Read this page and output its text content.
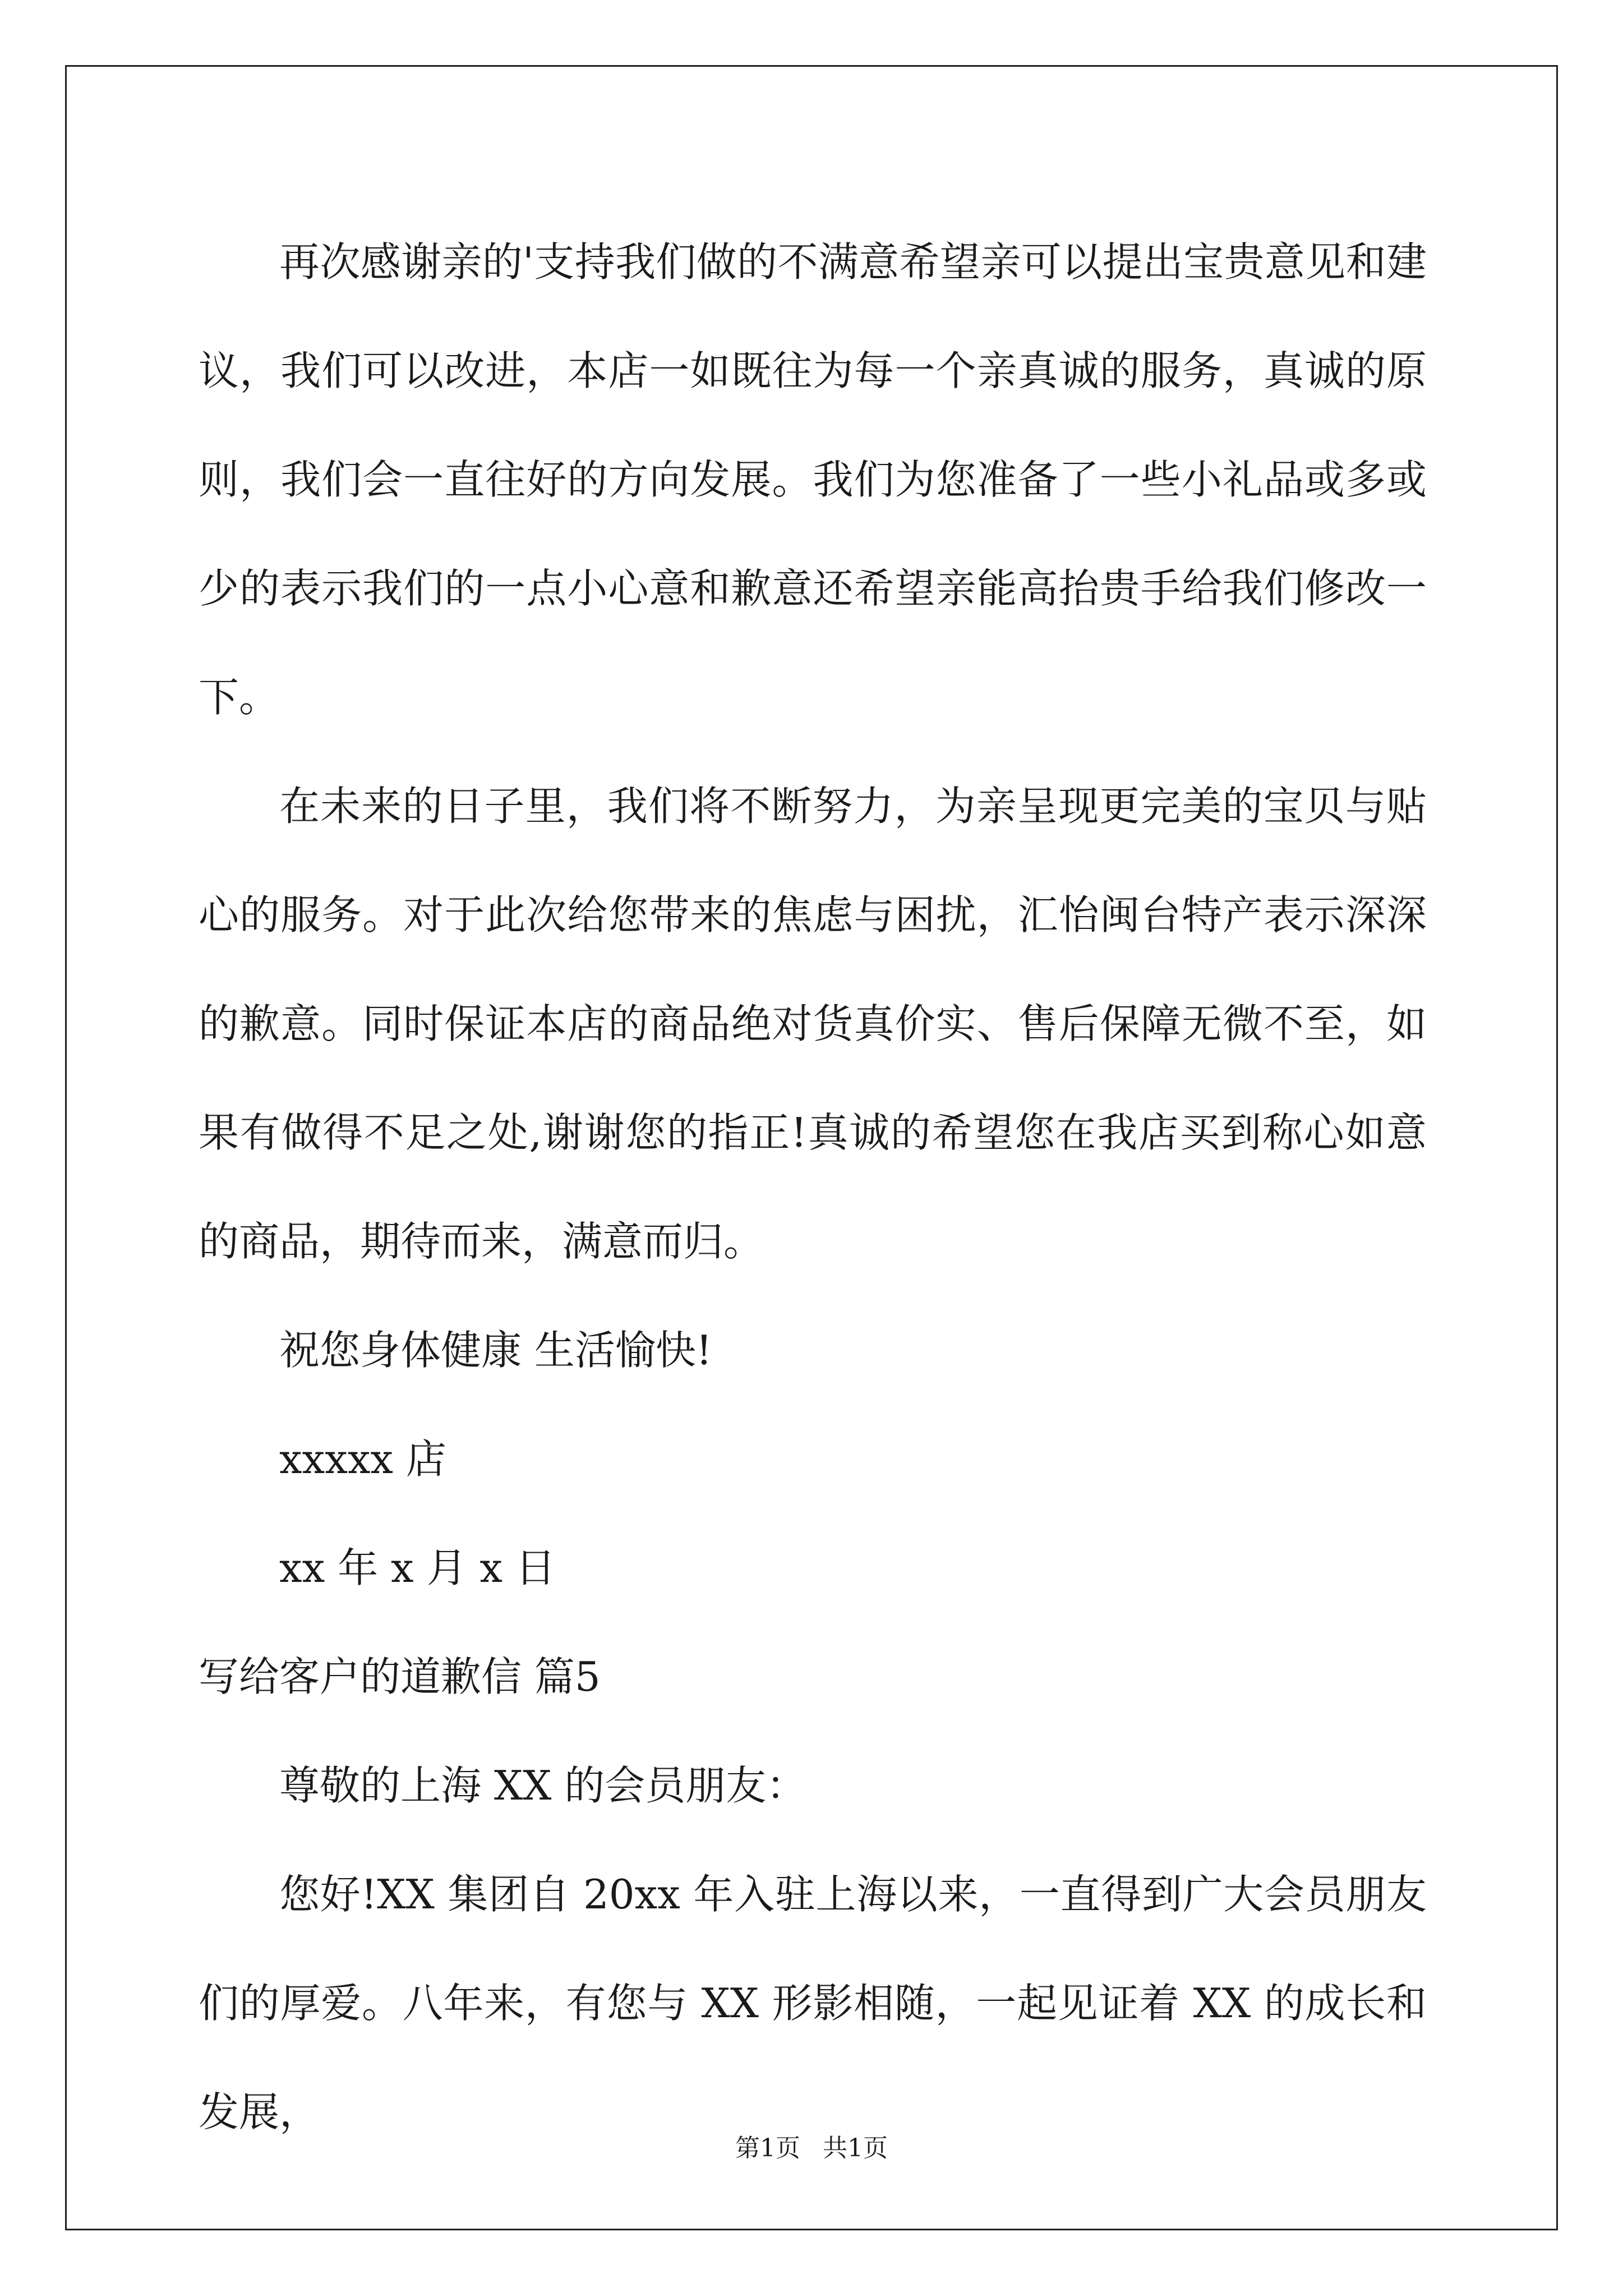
再次感谢亲的'支持我们做的不满意希望亲可以提出宝贵意见和建议，我们可以改进，本店一如既往为每一个亲真诚的服务，真诚的原则，我们会一直往好的方向发展。我们为您准备了一些小礼品或多或少的表示我们的一点小心意和歉意还希望亲能高抬贵手给我们修改一下。

在未来的日子里，我们将不断努力，为亲呈现更完美的宝贝与贴心的服务。对于此次给您带来的焦虑与困扰，汇怡闽台特产表示深深的歉意。同时保证本店的商品绝对货真价实、售后保障无微不至，如果有做得不足之处,谢谢您的指正!真诚的希望您在我店买到称心如意的商品，期待而来，满意而归。

祝您身体健康 生活愉快!

xxxxx 店

xx 年 x 月 x 日

写给客户的道歉信 篇5

尊敬的上海 XX 的会员朋友：

您好!XX 集团自 20xx 年入驻上海以来，一直得到广大会员朋友们的厚爱。八年来，有您与 XX 形影相随，一起见证着 XX 的成长和发展，

第1页 共1页
